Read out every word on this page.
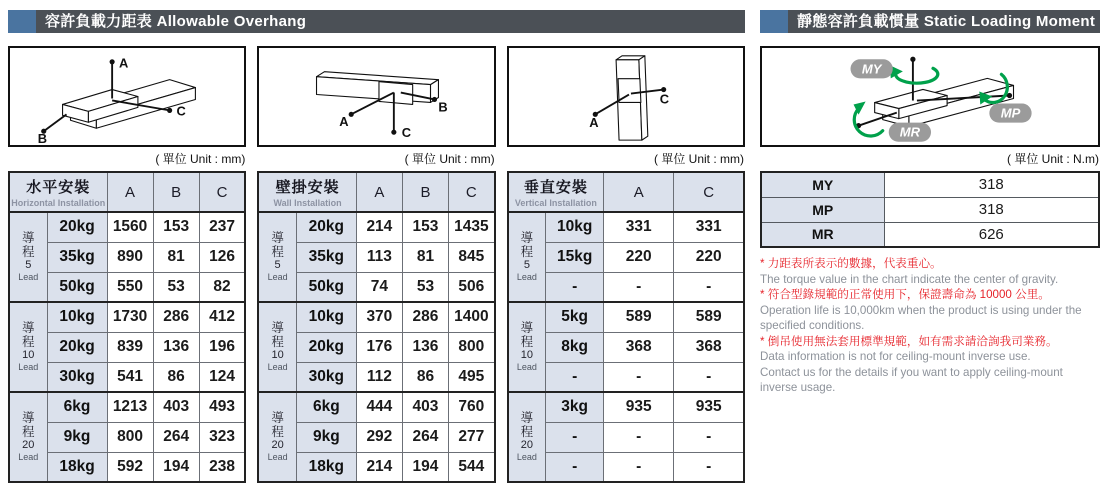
容許負載力距表 Allowable Overhang
A
B
C
( 單位 Unit : mm)
水平安裝
Horizontal Installation		A	B	C

導程
5
Lead	20kg	1560	153	237
	35kg	890	81	126
	50kg	550	53	82

導程
10
Lead	10kg	1730	286	412
	20kg	839	136	196
	30kg	541	86	124

導程
20
Lead	6kg	1213	403	493
	9kg	800	264	323
	18kg	592	194	238
A
B
C
( 單位 Unit : mm)
壁掛安裝
Wall Installation		A	B	C

導程
5
Lead	20kg	214	153	1435
	35kg	113	81	845
	50kg	74	53	506

導程
10
Lead	10kg	370	286	1400
	20kg	176	136	800
	30kg	112	86	495

導程
20
Lead	6kg	444	403	760
	9kg	292	264	277
	18kg	214	194	544
A
C
( 單位 Unit : mm)
垂直安裝
Vertical Installation		A	C

導程
5
Lead	10kg	331	331
	15kg	220	220
	-	-	-

導程
10
Lead	5kg	589	589
	8kg	368	368
	-	-	-

導程
20
Lead	3kg	935	935
	-	-	-
	-	-	-
靜態容許負載慣量 Static Loading Moment
MY
MP
MR
( 單位 Unit : N.m)
MY	318
MP	318
MR	626
* 力距表所表示的數據，代表重心。
The torque value in the chart indicate the center of gravity.
* 符合型錄規範的正常使用下，保證壽命為 10000 公里。
Operation life is 10,000km when the product is using under the specified conditions.
* 倒吊使用無法套用標準規範，如有需求請洽詢我司業務。
Data information is not for ceiling-mount inverse use.
Contact us for the details if you want to apply ceiling-mount inverse usage.
